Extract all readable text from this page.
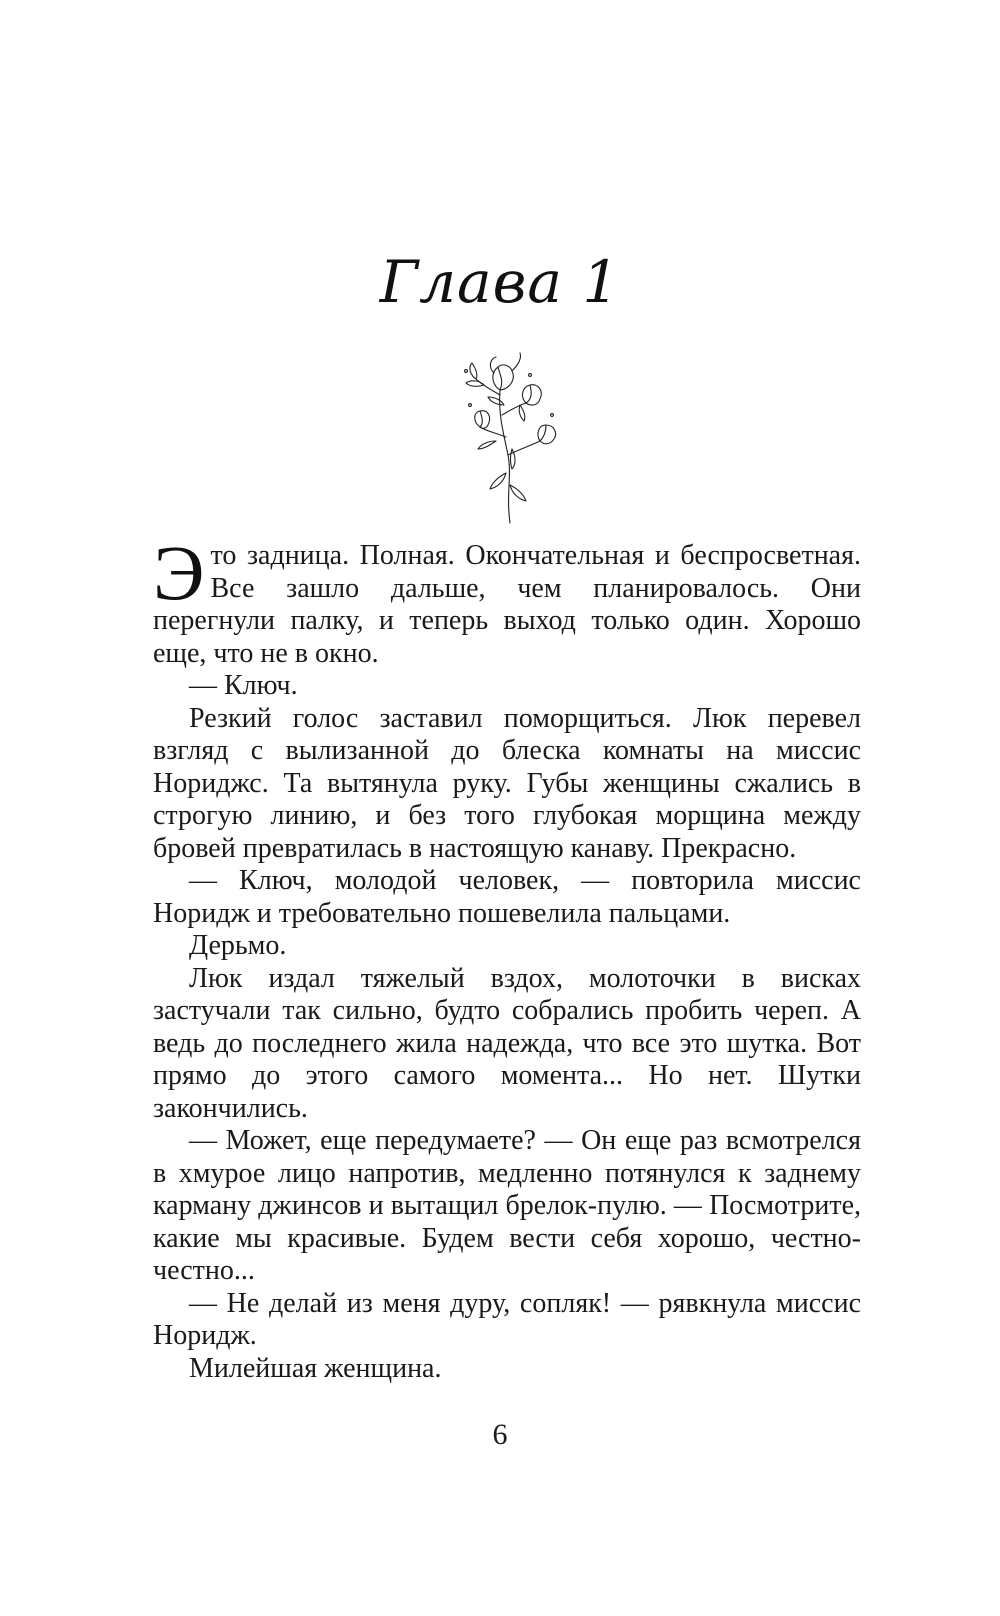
Глава 1

Это задница. Полная. Окончательная и беспросветная. Все зашло дальше, чем планировалось. Они перегнули палку, и теперь выход только один. Хорошо еще, что не в окно.

— Ключ.

Резкий голос заставил поморщиться. Люк перевел взгляд с вылизанной до блеска комнаты на миссис Нориджс. Та вытянула руку. Губы женщины сжались в строгую линию, и без того глубокая морщина между бровей превратилась в настоящую канаву. Прекрасно.

— Ключ, молодой человек, — повторила миссис Норидж и требовательно пошевелила пальцами.

Дерьмо.

Люк издал тяжелый вздох, молоточки в висках застучали так сильно, будто собрались пробить череп. А ведь до последнего жила надежда, что все это шутка. Вот прямо до этого самого момента... Но нет. Шутки закончились.

— Может, еще передумаете? — Он еще раз всмотрелся в хмурое лицо напротив, медленно потянулся к заднему карману джинсов и вытащил брелок-пулю. — Посмотрите, какие мы красивые. Будем вести себя хорошо, честно-честно...

— Не делай из меня дуру, сопляк! — рявкнула миссис Норидж.

Милейшая женщина.

6
